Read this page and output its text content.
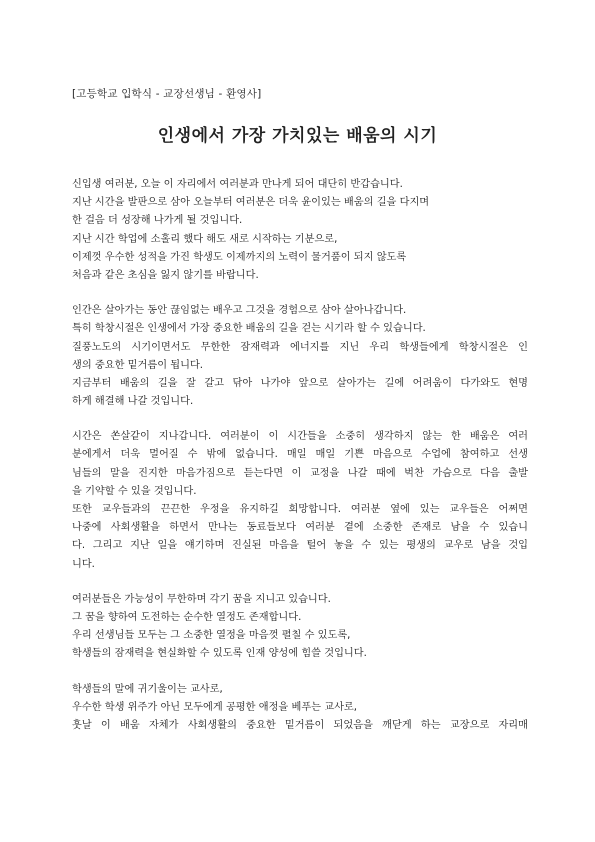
[고등학교 입학식 - 교장선생님 - 환영사]
인생에서 가장 가치있는 배움의 시기
신입생 여러분, 오늘 이 자리에서 여러분과 만나게 되어 대단히 반갑습니다.
지난 시간을 발판으로 삼아 오늘부터 여러분은 더욱 윤이있는 배움의 길을 다지며
한 걸음 더 성장해 나가게 될 것입니다.
지난 시간 학업에 소홀리 했다 해도 새로 시작하는 기분으로,
이제껏 우수한 성적을 가진 학생도 이제까지의 노력이 물거품이 되지 않도록
처음과 같은 초심을 잃지 않기를 바랍니다.
인간은 살아가는 동안 끊임없는 배우고 그것을 경험으로 삼아 살아나갑니다.
특히 학창시절은 인생에서 가장 중요한 배움의 길을 걷는 시기라 할 수 있습니다.
질풍노도의 시기이면서도 무한한 잠재력과 에너지를 지닌 우리 학생들에게 학창시절은 인
생의 중요한 밑거름이 됩니다.
지금부터 배움의 길을 잘 갈고 닦아 나가야 앞으로 살아가는 길에 어려움이 다가와도 현명
하게 해결해 나갈 것입니다.
시간은 쏜살같이 지나갑니다. 여러분이 이 시간들을 소중히 생각하지 않는 한 배움은 여러
분에게서 더욱 멀어질 수 밖에 없습니다. 매일 매일 기쁜 마음으로 수업에 참여하고 선생
님들의 말을 진지한 마음가짐으로 듣는다면 이 교정을 나갈 때에 벅찬 가슴으로 다음 출발
을 기약할 수 있을 것입니다.
또한 교우들과의 끈끈한 우정을 유지하길 희망합니다. 여러분 옆에 있는 교우들은 어쩌면
나중에 사회생활을 하면서 만나는 동료들보다 여러분 곁에 소중한 존재로 남을 수 있습니
다. 그리고 지난 일을 얘기하며 진실된 마음을 털어 놓을 수 있는 평생의 교우로 남을 것입
니다.
여러분들은 가능성이 무한하며 각기 꿈을 지니고 있습니다.
그 꿈을 향하여 도전하는 순수한 열정도 존재합니다.
우리 선생님들 모두는 그 소중한 열정을 마음껏 펼칠 수 있도록,
학생들의 잠재력을 현실화할 수 있도록 인재 양성에 힘쓸 것입니다.
학생들의 말에 귀기울이는 교사로,
우수한 학생 위주가 아닌 모두에게 공평한 애정을 베푸는 교사로,
훗날 이 배움 자체가 사회생활의 중요한 밑거름이 되었음을 깨닫게 하는 교장으로 자리매
